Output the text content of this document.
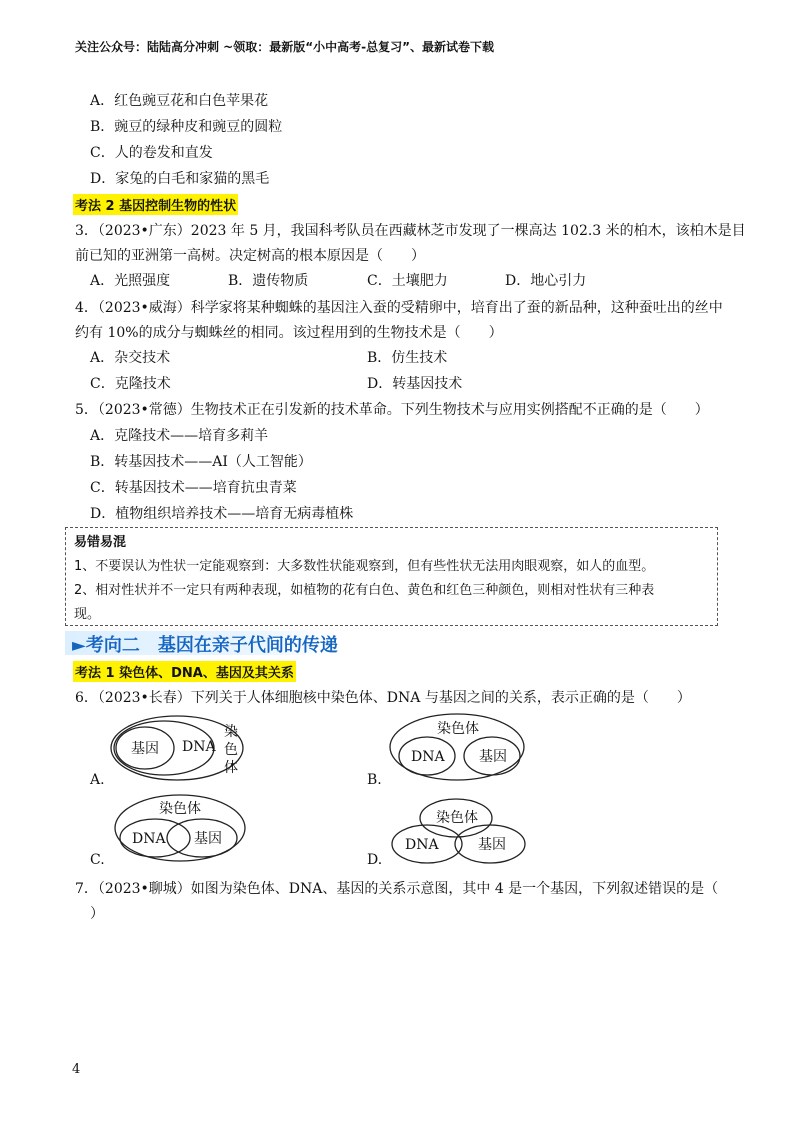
关注公众号：陆陆高分冲刺 ~领取：最新版“小中高考-总复习”、最新试卷下载
A．红色豌豆花和白色苹果花
B．豌豆的绿种皮和豌豆的圆粒
C．人的卷发和直发
D．家兔的白毛和家猫的黑毛
考法 2 基因控制生物的性状
3．（2023•广东）2023 年 5 月，我国科考队员在西藏林芝市发现了一棵高达 102.3 米的柏木，该柏木是目
前已知的亚洲第一高树。决定树高的根本原因是（　　）
A．光照强度	B．遗传物质	C．土壤肥力	D．地心引力
4．（2023•威海）科学家将某种蜘蛛的基因注入蚕的受精卵中，培育出了蚕的新品种，这种蚕吐出的丝中
约有 10%的成分与蜘蛛丝的相同。该过程用到的生物技术是（　　）
A．杂交技术	B．仿生技术
C．克隆技术	D．转基因技术
5．（2023•常德）生物技术正在引发新的技术革命。下列生物技术与应用实例搭配不正确的是（　　）
A．克隆技术——培育多莉羊
B．转基因技术——AI（人工智能）
C．转基因技术——培育抗虫青菜
D．植物组织培养技术——培育无病毒植株
易错易混
1、不要误认为性状一定能观察到：大多数性状能观察到，但有些性状无法用肉眼观察，如人的血型。
2、相对性状并不一定只有两种表现，如植物的花有白色、黄色和红色三种颜色，则相对性状有三种表
现。
►考向二　基因在亲子代间的传递
考法 1 染色体、DNA、基因及其关系
6．（2023•长春）下列关于人体细胞核中染色体、DNA 与基因之间的关系，表示正确的是（　　）
基因 DNA
染
色
体
A.
染色体
DNA 基因
B.
染色体
DNA 基因
C.
染色体
DNA	基因
D.
7．（2023•聊城）如图为染色体、DNA、基因的关系示意图，其中 4 是一个基因，下列叙述错误的是（
）
4
